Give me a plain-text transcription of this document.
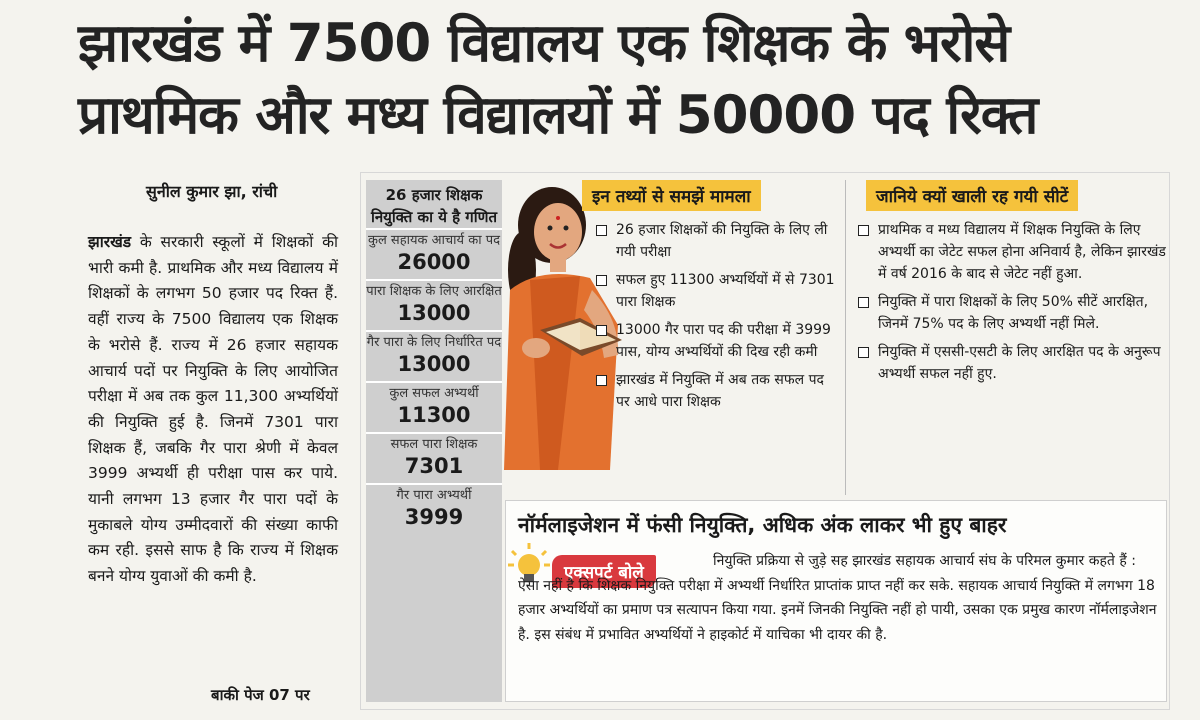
झारखंड में 7500 विद्यालय एक शिक्षक के भरोसे
प्राथमिक और मध्य विद्यालयों में 50000 पद रिक्त
सुनील कुमार झा, रांची
झारखंड के सरकारी स्कूलों में शिक्षकों की भारी कमी है. प्राथमिक और मध्य विद्यालय में शिक्षकों के लगभग 50 हजार पद रिक्त हैं. वहीं राज्य के 7500 विद्यालय एक शिक्षक के भरोसे हैं. राज्य में 26 हजार सहायक आचार्य पदों पर नियुक्ति के लिए आयोजित परीक्षा में अब तक कुल 11,300 अभ्यर्थियों की नियुक्ति हुई है. जिनमें 7301 पारा शिक्षक हैं, जबकि गैर पारा श्रेणी में केवल 3999 अभ्यर्थी ही परीक्षा पास कर पाये. यानी लगभग 13 हजार गैर पारा पदों के मुकाबले योग्य उम्मीदवारों की संख्या काफी कम रही. इससे साफ है कि राज्य में शिक्षक बनने योग्य युवाओं की कमी है.
बाकी पेज 07 पर
26 हजार शिक्षक नियुक्ति का ये है गणित
कुल सहायक आचार्य का पद
26000
पारा शिक्षक के लिए आरक्षित
13000
गैर पारा के लिए निर्धारित पद
13000
कुल सफल अभ्यर्थी
11300
सफल पारा शिक्षक
7301
गैर पारा अभ्यर्थी
3999
इन तथ्यों से समझें मामला
26 हजार शिक्षकों की नियुक्ति के लिए ली गयी परीक्षा
सफल हुए 11300 अभ्यर्थियों में से 7301 पारा शिक्षक
13000 गैर पारा पद की परीक्षा में 3999 पास, योग्य अभ्यर्थियों की दिख रही कमी
झारखंड में नियुक्ति में अब तक सफल पद पर आधे पारा शिक्षक
जानिये क्यों खाली रह गयी सीटें
प्राथमिक व मध्य विद्यालय में शिक्षक नियुक्ति के लिए अभ्यर्थी का जेटेट सफल होना अनिवार्य है, लेकिन झारखंड में वर्ष 2016 के बाद से जेटेट नहीं हुआ.
नियुक्ति में पारा शिक्षकों के लिए 50% सीटें आरक्षित, जिनमें 75% पद के लिए अभ्यर्थी नहीं मिले.
नियुक्ति में एससी-एसटी के लिए आरक्षित पद के अनुरूप अभ्यर्थी सफल नहीं हुए.
नॉर्मलाइजेशन में फंसी नियुक्ति, अधिक अंक लाकर भी हुए बाहर
एक्सपर्ट बोले
नियुक्ति प्रक्रिया से जुड़े सह झारखंड सहायक आचार्य संघ के परिमल कुमार कहते हैं : ऐसा नहीं है कि शिक्षक नियुक्ति परीक्षा में अभ्यर्थी निर्धारित प्राप्तांक प्राप्त नहीं कर सके. सहायक आचार्य नियुक्ति में लगभग 18 हजार अभ्यर्थियों का प्रमाण पत्र सत्यापन किया गया. इनमें जिनकी नियुक्ति नहीं हो पायी, उसका एक प्रमुख कारण नॉर्मलाइजेशन है. इस संबंध में प्रभावित अभ्यर्थियों ने हाइकोर्ट में याचिका भी दायर की है.
